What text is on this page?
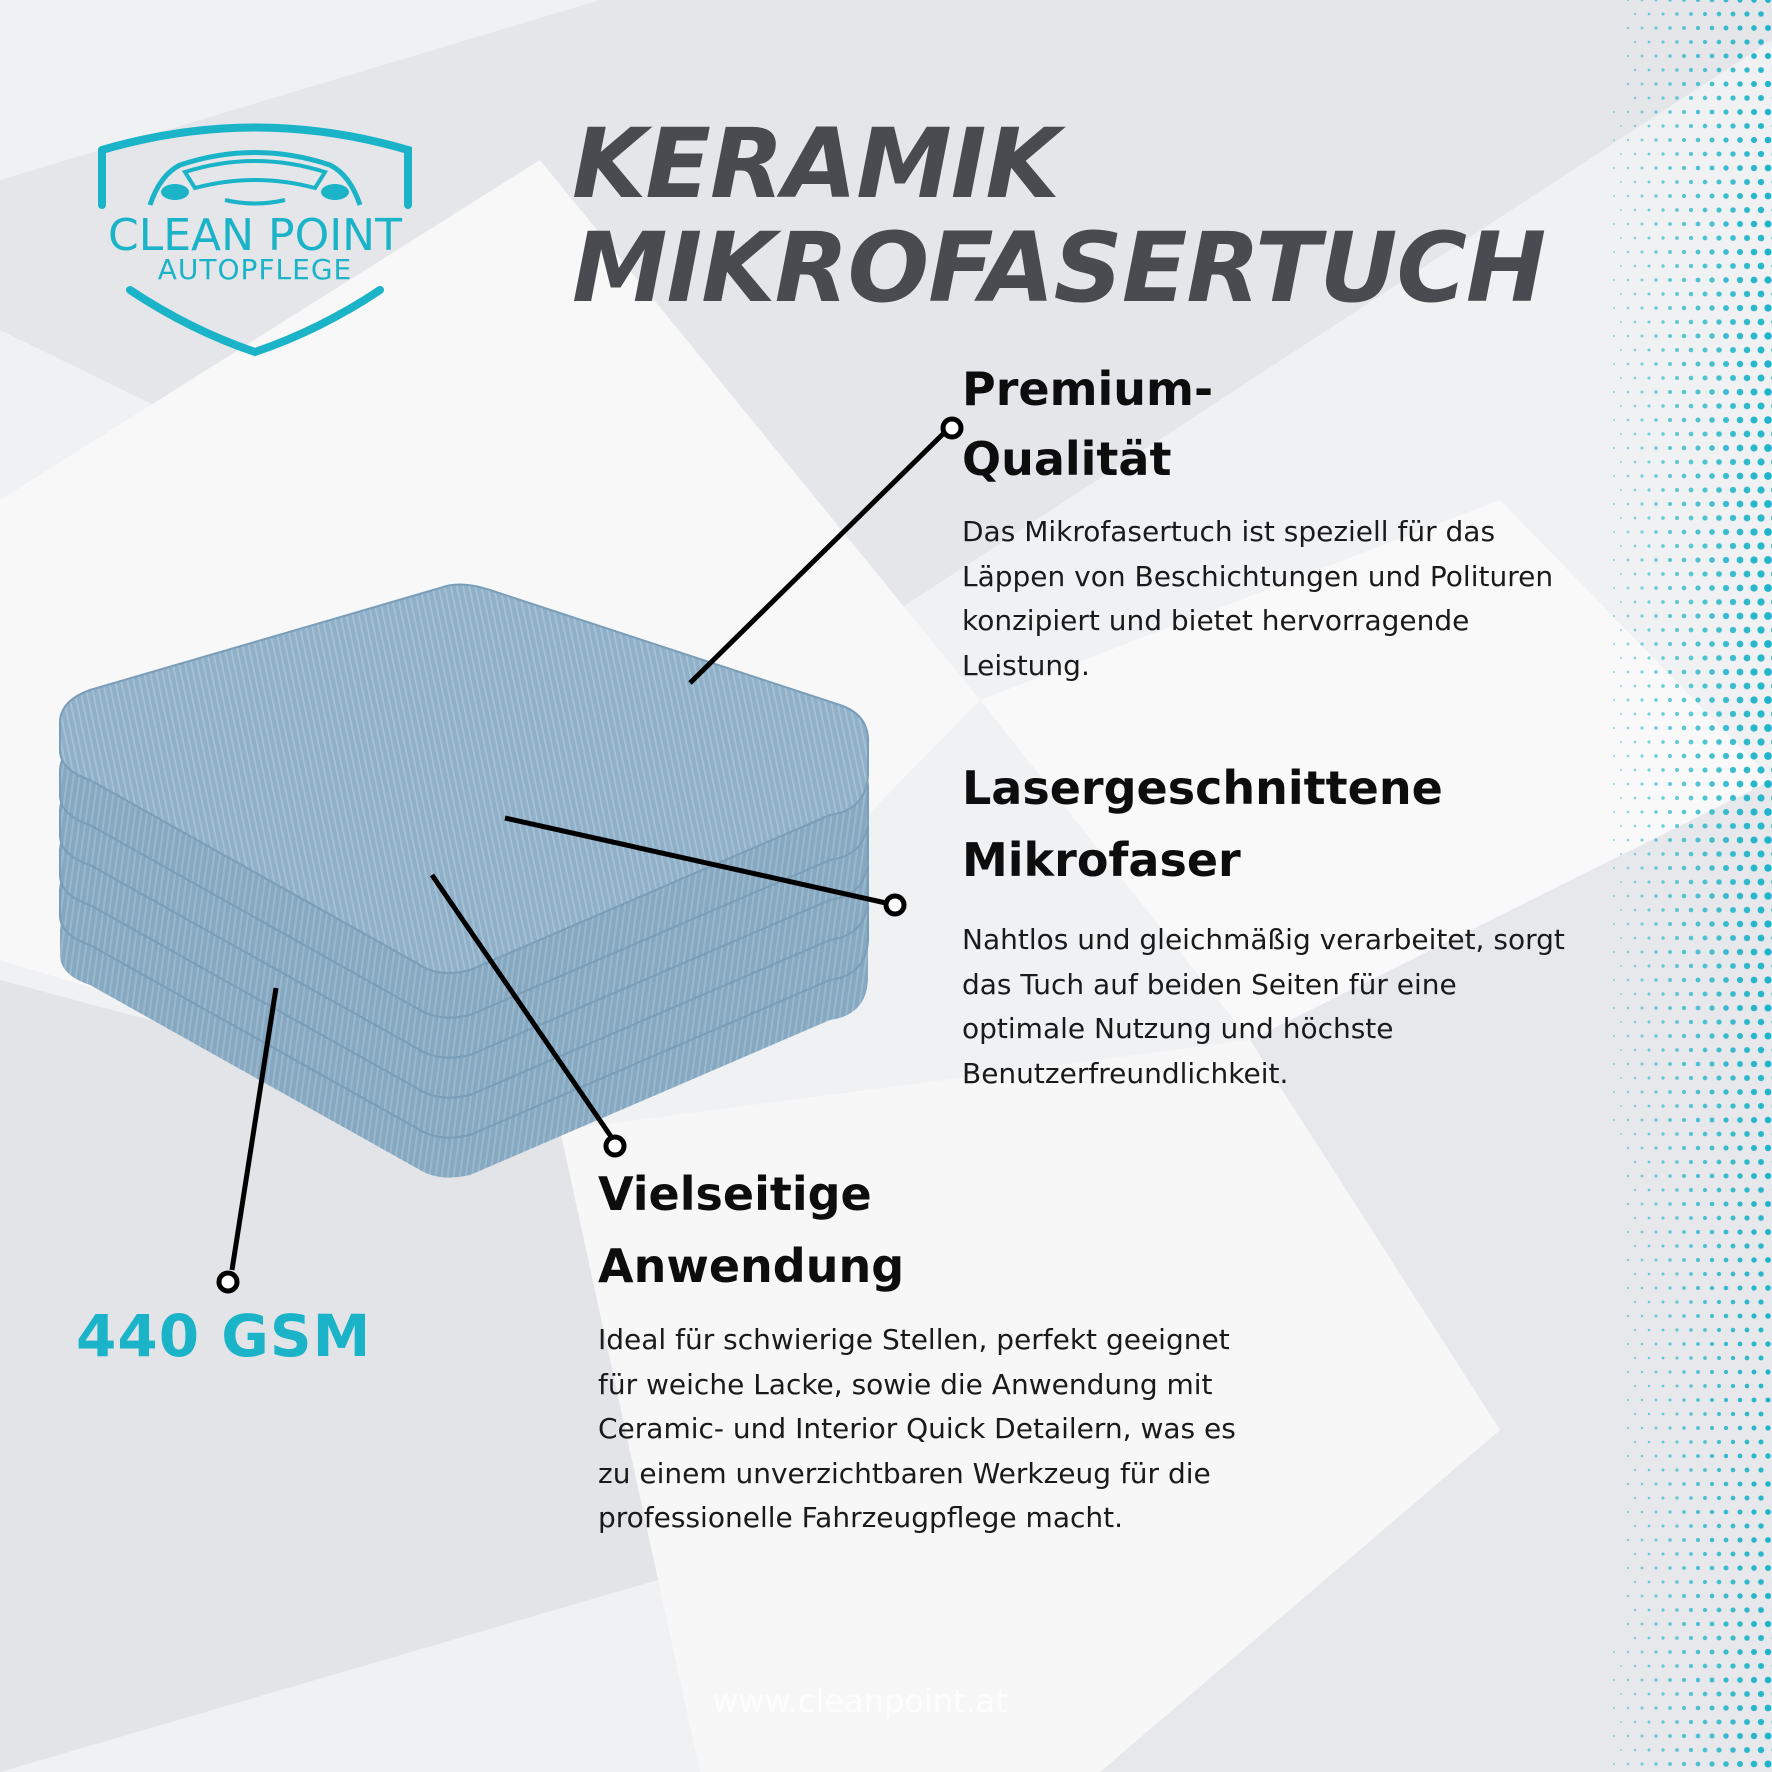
CLEAN POINT
AUTOPFLEGE
KERAMIK
MIKROFASERTUCH
Premium-
Qualität

Das Mikrofasertuch ist speziell für das Läppen von Beschichtungen und Polituren konzipiert und bietet hervorragende Leistung.

Lasergeschnittene
Mikrofaser

Nahtlos und gleichmäßig verarbeitet, sorgt das Tuch auf beiden Seiten für eine optimale Nutzung und höchste Benutzerfreundlichkeit.

Vielseitige
Anwendung

Ideal für schwierige Stellen, perfekt geeignet für weiche Lacke, sowie die Anwendung mit Ceramic- und Interior Quick Detailern, was es zu einem unverzichtbaren Werkzeug für die professionelle Fahrzeugpflege macht.

440 GSM

www.cleanpoint.at
